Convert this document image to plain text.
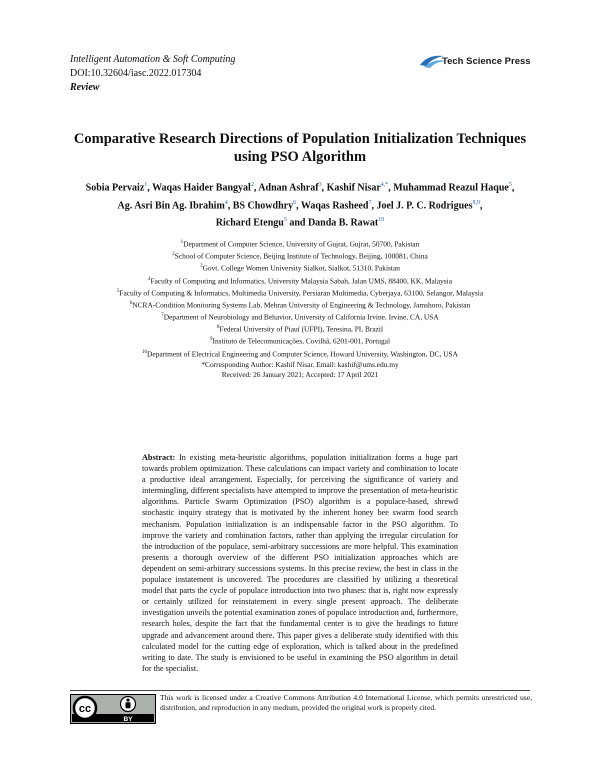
Intelligent Automation & Soft Computing
DOI:10.32604/iasc.2022.017304
Review
Tech Science Press
Comparative Research Directions of Population Initialization Techniques using PSO Algorithm
Sobia Pervaiz$^1$, Waqas Haider Bangyal$^2$, Adnan Ashraf$^3$, Kashif Nisar$^{4,*}$, Muhammad Reazul Haque$^5$,
Ag. Asri Bin Ag. Ibrahim$^4$, BS Chowdhry$^6$, Waqas Rasheed$^7$, Joel J. P. C. Rodrigues$^{8,9}$,
Richard Etengu$^5$ and Danda B. Rawat$^{10}$
$^1$Department of Computer Science, University of Gujrat, Gujrat, 50700, Pakistan
$^2$School of Computer Science, Beijing Institute of Technology, Beijing, 100081, China
$^3$Govt. College Women University Sialkot, Sialkot, 51310, Pakistan
$^4$Faculty of Computing and Informatics, University Malaysia Sabah, Jalan UMS, 88400, KK, Malaysia
$^5$Faculty of Computing & Informatics, Multimedia University, Persiaran Multimedia, Cyberjaya, 63100, Selangor, Malaysia
$^6$NCRA-Condition Monitoring Systems Lab, Mehran University of Engineering & Technology, Jamshoro, Pakistan
$^7$Department of Neurobiology and Behavior, University of California Irvine, Irvine, CA, USA
$^8$Federal University of Piauí (UFPI), Teresina, PI, Brazil
$^9$Instituto de Telecomunicações, Covilhã, 6201-001, Portugal
$^{10}$Department of Electrical Engineering and Computer Science, Howard University, Washington, DC, USA
*Corresponding Author: Kashif Nisar. Email: kashif@ums.edu.my
Received: 26 January 2021; Accepted: 17 April 2021
Abstract: In existing meta-heuristic algorithms, population initialization forms a huge part towards problem optimization. These calculations can impact variety and combination to locate a productive ideal arrangement. Especially, for perceiving the significance of variety and intermingling, different specialists have attempted to improve the presentation of meta-heuristic algorithms. Particle Swarm Optimization (PSO) algorithm is a populace-based, shrewd stochastic inquiry strategy that is motivated by the inherent honey bee swarm food search mechanism. Population initialization is an indispensable factor in the PSO algorithm. To improve the variety and combination factors, rather than applying the irregular circulation for the introduction of the populace, semi-arbitrary successions are more helpful. This examination presents a thorough overview of the different PSO initialization approaches which are dependent on semi-arbitrary successions systems. In this precise review, the best in class in the populace instatement is uncovered. The procedures are classified by utilizing a theoretical model that parts the cycle of populace introduction into two phases: that is, right now expressly or certainly utilized for reinstatement in every single present approach. The deliberate investigation unveils the potential examination zones of populace introduction and, furthermore, research holes, despite the fact that the fundamental center is to give the headings to future upgrade and advancement around there. This paper gives a deliberate study identified with this calculated model for the cutting edge of exploration, which is talked about in the predefined writing to date. The study is envisioned to be useful in examining the PSO algorithm in detail for the specialist.
cc
BY
This work is licensed under a Creative Commons Attribution 4.0 International License, which permits unrestricted use, distribution, and reproduction in any medium, provided the original work is properly cited.
